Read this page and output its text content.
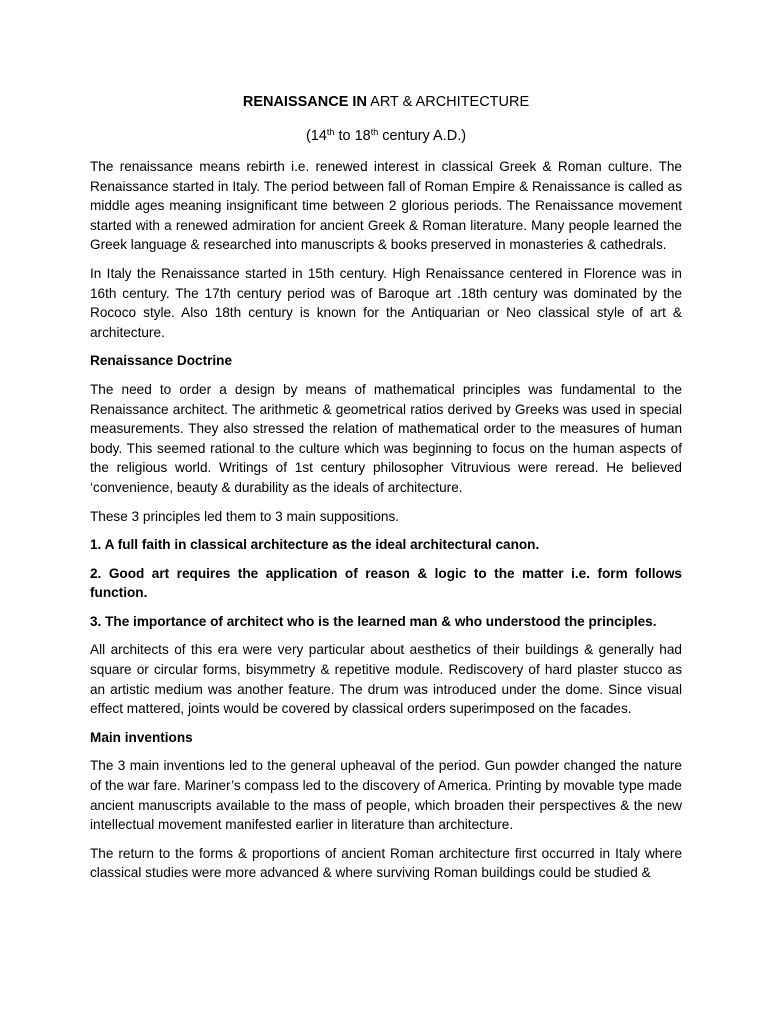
RENAISSANCE IN ART & ARCHITECTURE
(14th to 18th century A.D.)

The renaissance means rebirth i.e. renewed interest in classical Greek & Roman culture. The Renaissance started in Italy. The period between fall of Roman Empire & Renaissance is called as middle ages meaning insignificant time between 2 glorious periods. The Renaissance movement started with a renewed admiration for ancient Greek & Roman literature. Many people learned the Greek language & researched into manuscripts & books preserved in monasteries & cathedrals.

In Italy the Renaissance started in 15th century. High Renaissance centered in Florence was in 16th century. The 17th century period was of Baroque art .18th century was dominated by the Rococo style. Also 18th century is known for the Antiquarian or Neo classical style of art & architecture.

Renaissance Doctrine

The need to order a design by means of mathematical principles was fundamental to the Renaissance architect. The arithmetic & geometrical ratios derived by Greeks was used in special measurements. They also stressed the relation of mathematical order to the measures of human body. This seemed rational to the culture which was beginning to focus on the human aspects of the religious world. Writings of 1st century philosopher Vitruvious were reread. He believed ‘convenience, beauty & durability as the ideals of architecture.

These 3 principles led them to 3 main suppositions.

1. A full faith in classical architecture as the ideal architectural canon.

2. Good art requires the application of reason & logic to the matter i.e. form follows function.

3. The importance of architect who is the learned man & who understood the principles.

All architects of this era were very particular about aesthetics of their buildings & generally had square or circular forms, bisymmetry & repetitive module. Rediscovery of hard plaster stucco as an artistic medium was another feature. The drum was introduced under the dome. Since visual effect mattered, joints would be covered by classical orders superimposed on the facades.

Main inventions

The 3 main inventions led to the general upheaval of the period. Gun powder changed the nature of the war fare. Mariner’s compass led to the discovery of America. Printing by movable type made ancient manuscripts available to the mass of people, which broaden their perspectives & the new intellectual movement manifested earlier in literature than architecture.

The return to the forms & proportions of ancient Roman architecture first occurred in Italy where classical studies were more advanced & where surviving Roman buildings could be studied &
